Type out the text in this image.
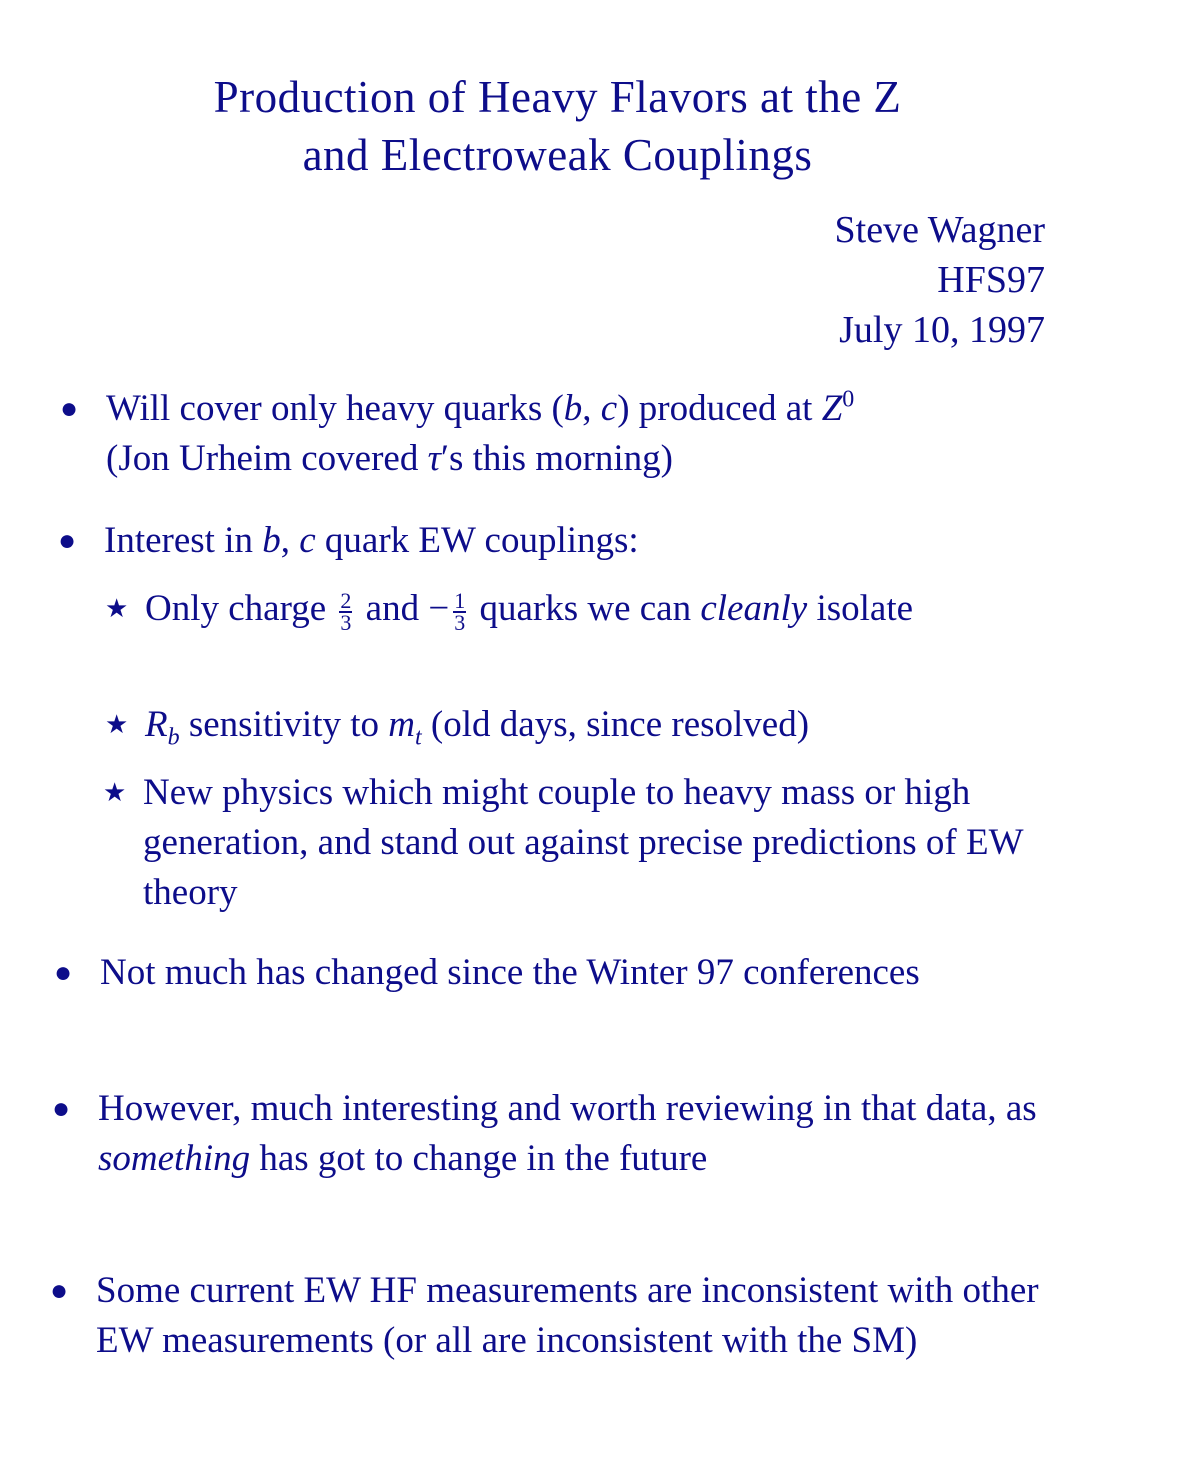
Production of Heavy Flavors at the Z
and Electroweak Couplings
Steve Wagner
HFS97
July 10, 1997
● Will cover only heavy quarks (b, c) produced at $Z^0$
(Jon Urheim covered τ′s this morning)
● Interest in b, c quark EW couplings:
★ Only charge $\frac{2}{3}$ and − $\frac{1}{3}$ quarks we can cleanly isolate
★ $R_b$ sensitivity to $m_t$ (old days, since resolved)
★ New physics which might couple to heavy mass or high generation, and stand out against precise predictions of EW theory
● Not much has changed since the Winter 97 conferences
● However, much interesting and worth reviewing in that data, as something has got to change in the future
● Some current EW HF measurements are inconsistent with other EW measurements (or all are inconsistent with the SM)
